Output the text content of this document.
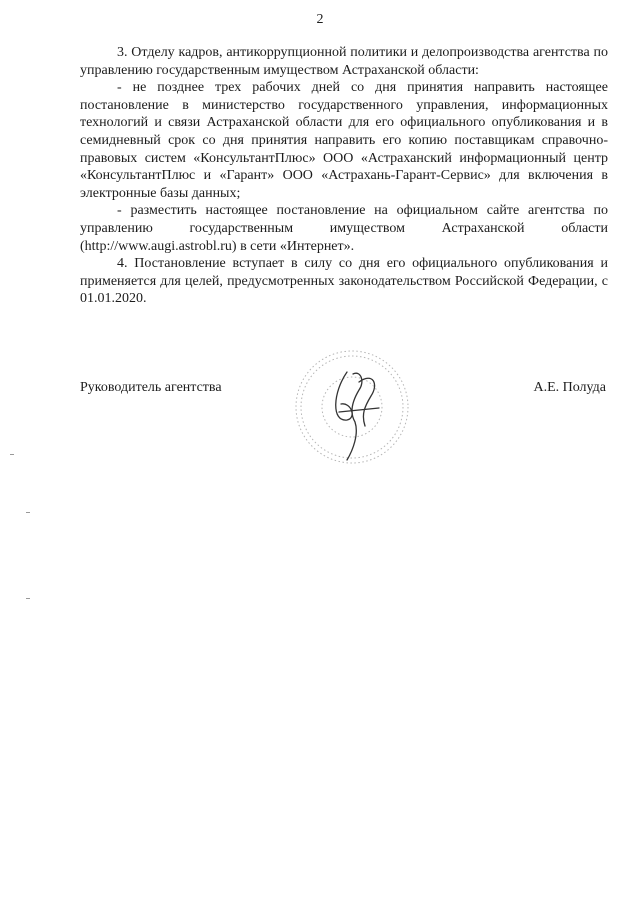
2

3. Отделу кадров, антикоррупционной политики и делопроизводства агентства по управлению государственным имуществом Астраханской области:

- не позднее трех рабочих дней со дня принятия направить настоящее постановление в министерство государственного управления, информационных технологий и связи Астраханской области для его официального опубликования и в семидневный срок со дня принятия направить его копию поставщикам справочно-правовых систем «КонсультантПлюс» ООО «Астраханский информационный центр «КонсультантПлюс и «Гарант» ООО «Астрахань-Гарант-Сервис» для включения в электронные базы данных;

- разместить настоящее постановление на официальном сайте агентства по управлению государственным имуществом Астраханской области (http://www.augi.astrobl.ru) в сети «Интернет».

4. Постановление вступает в силу со дня его официального опубликования и применяется для целей, предусмотренных законодательством Российской Федерации, с 01.01.2020.

Руководитель агентства	А.Е. Полуда
